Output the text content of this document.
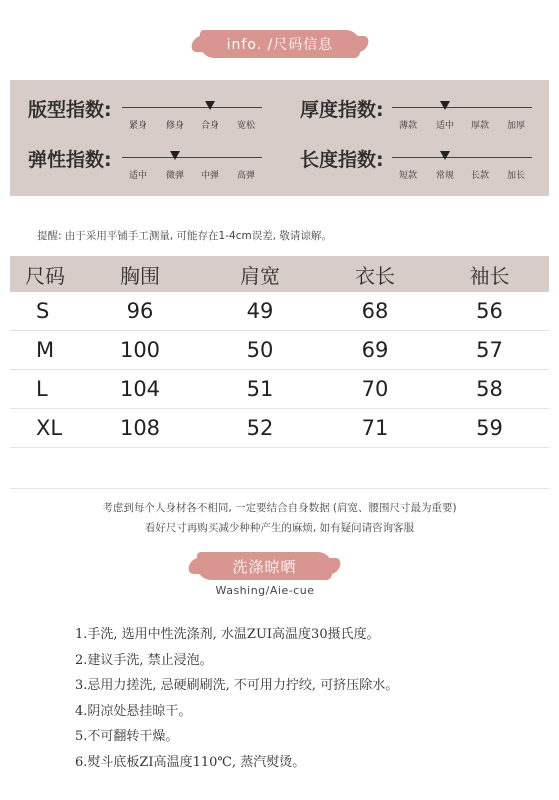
info. /尺码信息
版型指数:
紧身 修身 合身 宽松
厚度指数:
薄款 适中 厚款 加厚
弹性指数:
适中 微弹 中弹 高弹
长度指数:
短款 常规 长款 加长
提醒: 由于采用平铺手工测量, 可能存在1-4cm误差, 敬请谅解。
尺码	胸围	肩宽	衣长	袖长
S	96	49	68	56
M	100	50	69	57
L	104	51	70	58
XL	108	52	71	59
考虑到每个人身材各不相同, 一定要结合自身数据 (肩宽、腰围尺寸最为重要)
看好尺寸再购买减少种种产生的麻烦, 如有疑问请咨询客服
洗涤晾晒
Washing/Aie-cue
1.手洗, 选用中性洗涤剂, 水温ZUI高温度30摄氏度。
2.建议手洗, 禁止浸泡。
3.忌用力搓洗, 忌硬刷刷洗, 不可用力拧绞, 可挤压除水。
4.阴凉处悬挂晾干。
5.不可翻转干燥。
6.熨斗底板ZI高温度110℃, 蒸汽熨烫。
